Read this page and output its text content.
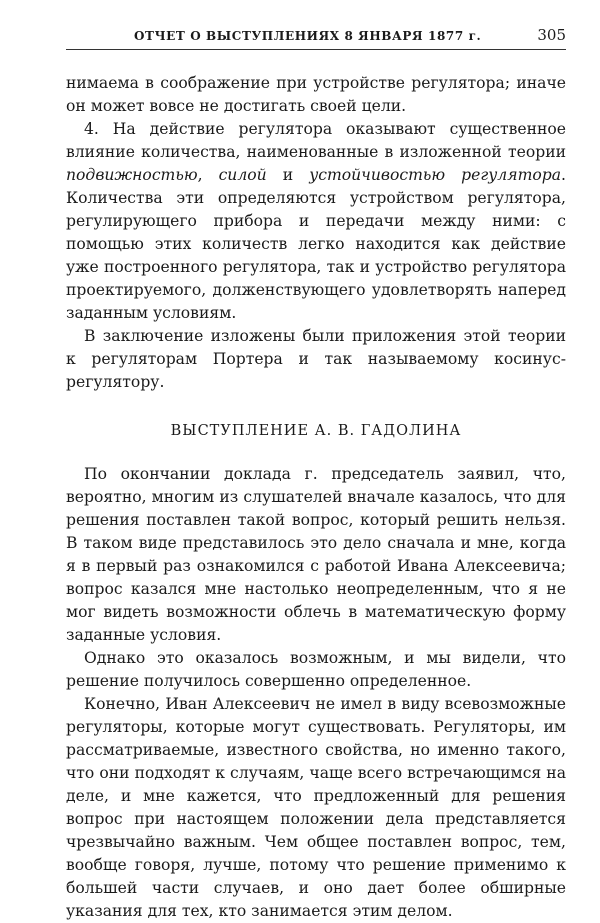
ОТЧЕТ О ВЫСТУПЛЕНИЯХ 8 ЯНВАРЯ 1877 г.	305

нимаема в соображение при устройстве регулятора; иначе он может вовсе не достигать своей цели.

4. На действие регулятора оказывают существенное влияние количества, наименованные в изложенной теории подвижностью, силой и устойчивостью регулятора. Количества эти определяются устройством регулятора, регулирующего прибора и передачи между ними: с помощью этих количеств легко находится как действие уже построенного регулятора, так и устройство регулятора проектируемого, долженствующего удовлетворять наперед заданным условиям.

В заключение изложены были приложения этой теории к регуляторам Портера и так называемому косинус-регулятору.

ВЫСТУПЛЕНИЕ А. В. ГАДОЛИНА

По окончании доклада г. председатель заявил, что, вероятно, многим из слушателей вначале казалось, что для решения поставлен такой вопрос, который решить нельзя. В таком виде представилось это дело сначала и мне, когда я в первый раз ознакомился с работой Ивана Алексеевича; вопрос казался мне настолько неопределенным, что я не мог видеть возможности облечь в математическую форму заданные условия.

Однако это оказалось возможным, и мы видели, что решение получилось совершенно определенное.

Конечно, Иван Алексеевич не имел в виду всевозможные регуляторы, которые могут существовать. Регуляторы, им рассматриваемые, известного свойства, но именно такого, что они подходят к случаям, чаще всего встречающимся на деле, и мне кажется, что предложенный для решения вопрос при настоящем положении дела представляется чрезвычайно важным. Чем общее поставлен вопрос, тем, вообще говоря, лучше, потому что решение применимо к большей части случаев, и оно дает более обширные указания для тех, кто занимается этим делом.
